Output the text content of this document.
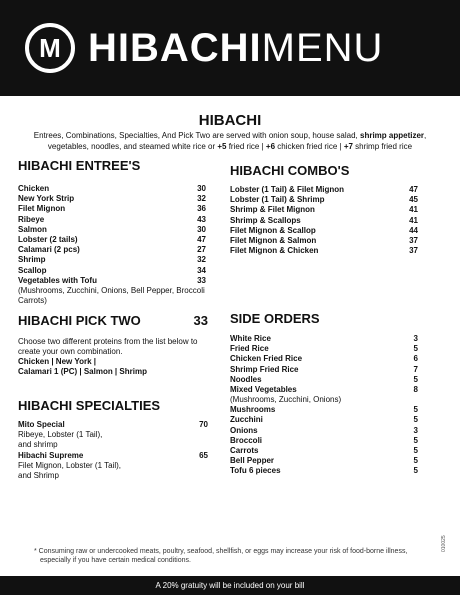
M HIBACHIMENU
HIBACHI
Entrees, Combinations, Specialties, And Pick Two are served with onion soup, house salad, shrimp appetizer,
vegetables, noodles, and steamed white rice or +5 fried rice | +6 chicken fried rice | +7 shrimp fried rice
HIBACHI ENTREE'S
Chicken	30
New York Strip	32
Filet Mignon	36
Ribeye	43
Salmon	30
Lobster (2 tails)	47
Calamari (2 pcs)	27
Shrimp	32
Scallop	34
Vegetables with Tofu	33
(Mushrooms, Zucchini, Onions, Bell Pepper, Broccoli Carrots)
HIBACHI PICK TWO	33
Choose two different proteins from the list below to create your own combination.
Chicken | New York |
Calamari 1 (PC) | Salmon | Shrimp
HIBACHI SPECIALTIES
Mito Special	70
Ribeye, Lobster (1 Tail),
and shrimp
Hibachi Supreme	65
Filet Mignon, Lobster (1 Tail),
and Shrimp
HIBACHI COMBO'S
Lobster (1 Tail) & Filet Mignon	47
Lobster (1 Tail) & Shrimp	45
Shrimp & Filet Mignon	41
Shrimp & Scallops	41
Filet Mignon & Scallop	44
Filet Mignon & Salmon	37
Filet Mignon & Chicken	37
SIDE ORDERS
White Rice	3
Fried Rice	5
Chicken Fried Rice	6
Shrimp Fried Rice	7
Noodles	5
Mixed Vegetables	8
(Mushrooms, Zucchini, Onions)
Mushrooms	5
Zucchini	5
Onions	3
Broccoli	5
Carrots	5
Bell Pepper	5
Tofu 6 pieces	5
* Consuming raw or undercooked meats, poultry, seafood, shellfish, or eggs may increase your risk of food-borne illness,
especially if you have certain medical conditions.
010025
A 20% gratuity will be included on your bill
